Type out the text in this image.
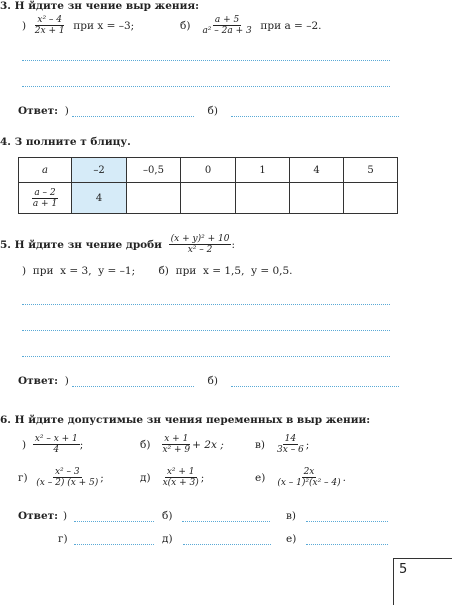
3. Н йдите зн чение выр жения:
)
$\frac{\text{x² – 4}}{2x + 1}$
при x = –3;	б)
$\frac{a + 5}{\text{a² – 2a + 3}}$
при a = –2.
Ответ:
)

	б)

4. З полните т блицу.
a	–2	–0,5	0	1	4	5

$\frac{a - 2}{a + 1}$	4					
5. Н йдите зн чение дроби
$\frac{\text{(x + y)² + 10}}{\text{x² – 2}}$ :
)  при  x = 3,  y = –1;       б)  при  x = 1,5,  y = 0,5.
Ответ:
)

	б)

6. Н йдите допустимые зн чения переменных в выр жении:
)
$\frac{\text{x² – x + 1}}{4}$ ;	б)
$\frac{x + 1}{\text{x² + 9}} + 2x$ ;	в)
$\frac{14}{3x - 6}$ ;
г)
$\frac{\text{x² – 3}}{(x - 2) (x + 5)}$ ;	д)
$\frac{\text{x² + 1}}{x(x + 3)}$ ;	е)
$\frac{2x}{\text{(x – 1)²(x² – 4)}}$ .
Ответ: )
	б)
	в)

г)
	д)
	е)

5
